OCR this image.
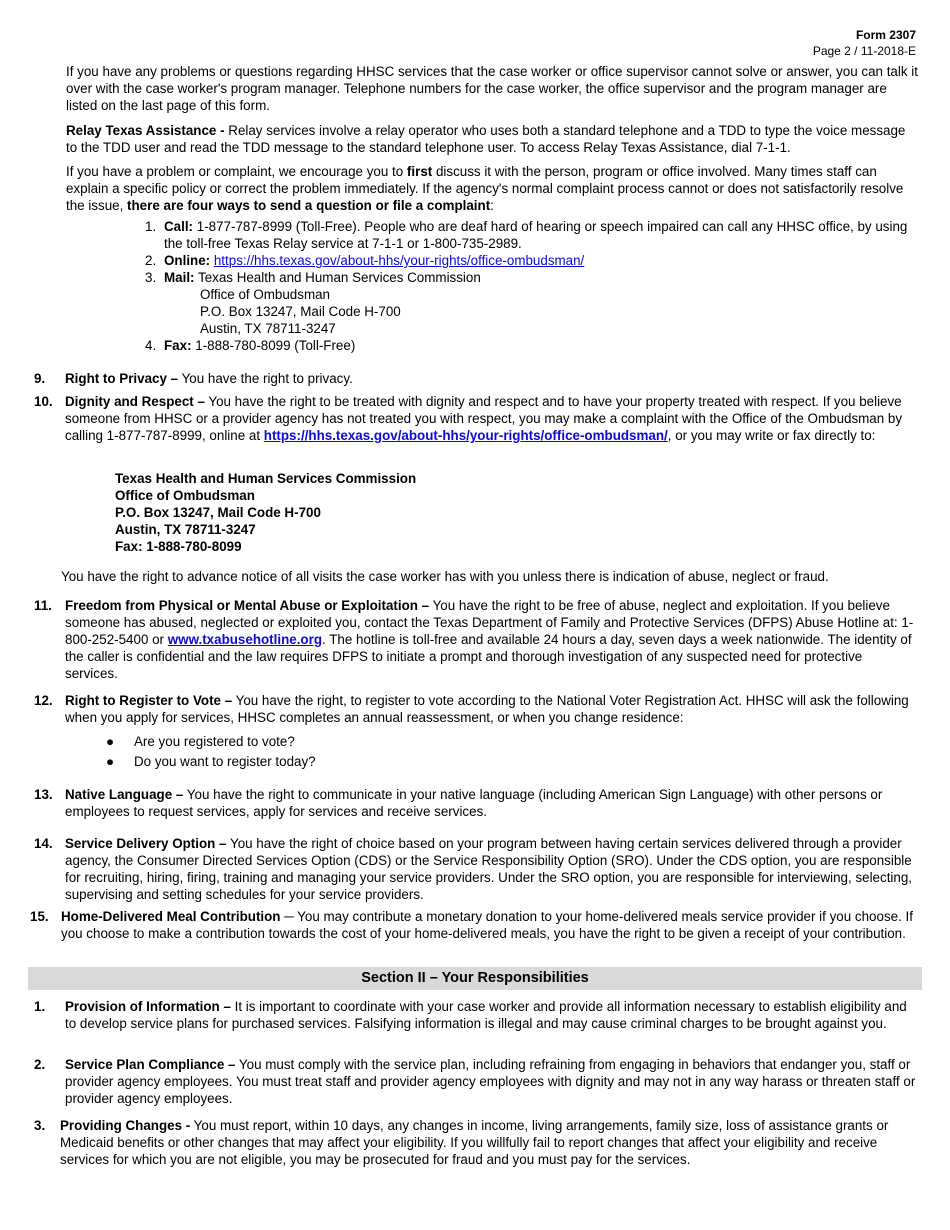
Form 2307
Page 2 / 11-2018-E

If you have any problems or questions regarding HHSC services that the case worker or office supervisor cannot solve or answer, you can talk it over with the case worker's program manager. Telephone numbers for the case worker, the office supervisor and the program manager are listed on the last page of this form.

Relay Texas Assistance - Relay services involve a relay operator who uses both a standard telephone and a TDD to type the voice message to the TDD user and read the TDD message to the standard telephone user. To access Relay Texas Assistance, dial 7-1-1.

If you have a problem or complaint, we encourage you to first discuss it with the person, program or office involved. Many times staff can explain a specific policy or correct the problem immediately. If the agency's normal complaint process cannot or does not satisfactorily resolve the issue, there are four ways to send a question or file a complaint:

1. Call: 1-877-787-8999 (Toll-Free). People who are deaf hard of hearing or speech impaired can call any HHSC office, by using the toll-free Texas Relay service at 7-1-1 or 1-800-735-2989.
2. Online: https://hhs.texas.gov/about-hhs/your-rights/office-ombudsman/
3. Mail: Texas Health and Human Services Commission
Office of Ombudsman
P.O. Box 13247, Mail Code H-700
Austin, TX 78711-3247
4. Fax: 1-888-780-8099 (Toll-Free)
9. Right to Privacy – You have the right to privacy.
10. Dignity and Respect – You have the right to be treated with dignity and respect and to have your property treated with respect. If you believe someone from HHSC or a provider agency has not treated you with respect, you may make a complaint with the Office of the Ombudsman by calling 1-877-787-8999, online at https://hhs.texas.gov/about-hhs/your-rights/office-ombudsman/, or you may write or fax directly to:
Texas Health and Human Services Commission
Office of Ombudsman
P.O. Box 13247, Mail Code H-700
Austin, TX 78711-3247
Fax: 1-888-780-8099

You have the right to advance notice of all visits the case worker has with you unless there is indication of abuse, neglect or fraud.

11. Freedom from Physical or Mental Abuse or Exploitation – You have the right to be free of abuse, neglect and exploitation. If you believe someone has abused, neglected or exploited you, contact the Texas Department of Family and Protective Services (DFPS) Abuse Hotline at: 1-800-252-5400 or www.txabusehotline.org. The hotline is toll-free and available 24 hours a day, seven days a week nationwide. The identity of the caller is confidential and the law requires DFPS to initiate a prompt and thorough investigation of any suspected need for protective services.
12. Right to Register to Vote – You have the right, to register to vote according to the National Voter Registration Act. HHSC will ask the following when you apply for services, HHSC completes an annual reassessment, or when you change residence:
● Are you registered to vote?
● Do you want to register today?
13. Native Language – You have the right to communicate in your native language (including American Sign Language) with other persons or employees to request services, apply for services and receive services.
14. Service Delivery Option – You have the right of choice based on your program between having certain services delivered through a provider agency, the Consumer Directed Services Option (CDS) or the Service Responsibility Option (SRO). Under the CDS option, you are responsible for recruiting, hiring, firing, training and managing your service providers. Under the SRO option, you are responsible for interviewing, selecting, supervising and setting schedules for your service providers.
15. Home-Delivered Meal Contribution ─ You may contribute a monetary donation to your home-delivered meals service provider if you choose. If you choose to make a contribution towards the cost of your home-delivered meals, you have the right to be given a receipt of your contribution.
Section II – Your Responsibilities
1. Provision of Information – It is important to coordinate with your case worker and provide all information necessary to establish eligibility and to develop service plans for purchased services. Falsifying information is illegal and may cause criminal charges to be brought against you.
2. Service Plan Compliance – You must comply with the service plan, including refraining from engaging in behaviors that endanger you, staff or provider agency employees. You must treat staff and provider agency employees with dignity and may not in any way harass or threaten staff or provider agency employees.
3. Providing Changes - You must report, within 10 days, any changes in income, living arrangements, family size, loss of assistance grants or Medicaid benefits or other changes that may affect your eligibility. If you willfully fail to report changes that affect your eligibility and receive services for which you are not eligible, you may be prosecuted for fraud and you must pay for the services.
